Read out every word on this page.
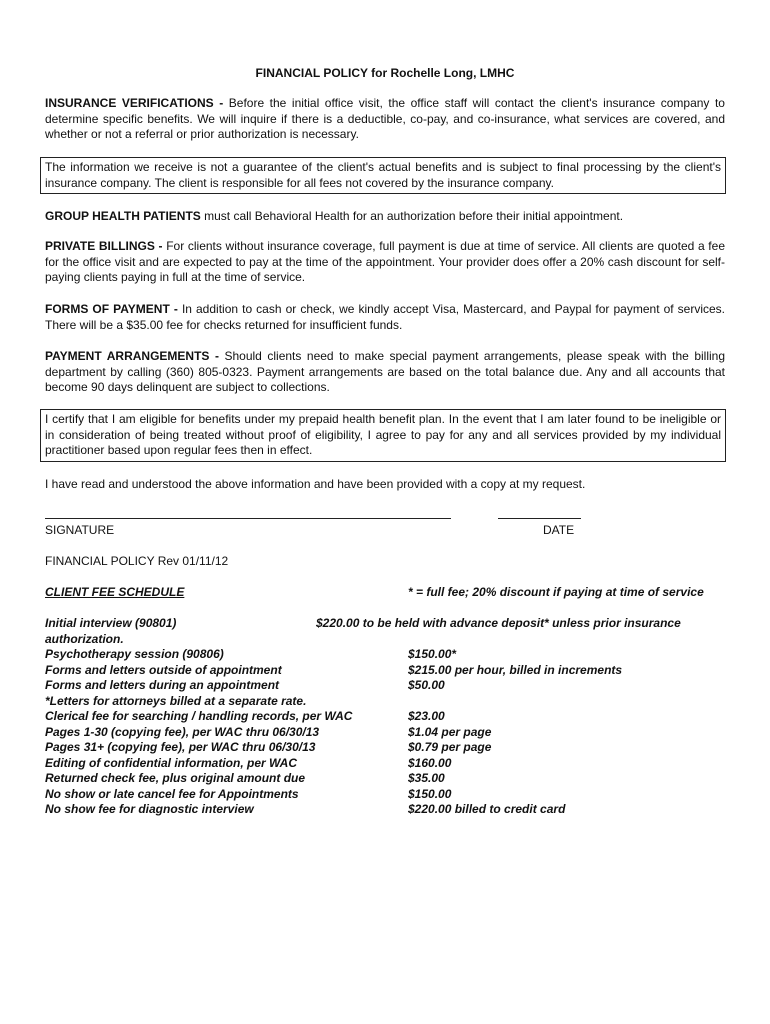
FINANCIAL POLICY for Rochelle Long, LMHC
INSURANCE VERIFICATIONS - Before the initial office visit, the office staff will contact the client's insurance company to determine specific benefits. We will inquire if there is a deductible, co-pay, and co-insurance, what services are covered, and whether or not a referral or prior authorization is necessary.
The information we receive is not a guarantee of the client's actual benefits and is subject to final processing by the client's insurance company. The client is responsible for all fees not covered by the insurance company.
GROUP HEALTH PATIENTS must call Behavioral Health for an authorization before their initial appointment.
PRIVATE BILLINGS - For clients without insurance coverage, full payment is due at time of service. All clients are quoted a fee for the office visit and are expected to pay at the time of the appointment. Your provider does offer a 20% cash discount for self-paying clients paying in full at the time of service.
FORMS OF PAYMENT - In addition to cash or check, we kindly accept Visa, Mastercard, and Paypal for payment of services. There will be a $35.00 fee for checks returned for insufficient funds.
PAYMENT ARRANGEMENTS - Should clients need to make special payment arrangements, please speak with the billing department by calling (360) 805-0323. Payment arrangements are based on the total balance due. Any and all accounts that become 90 days delinquent are subject to collections.
I certify that I am eligible for benefits under my prepaid health benefit plan. In the event that I am later found to be ineligible or in consideration of being treated without proof of eligibility, I agree to pay for any and all services provided by my individual practitioner based upon regular fees then in effect.
I have read and understood the above information and have been provided with a copy at my request.
SIGNATURE	DATE
FINANCIAL POLICY Rev 01/11/12
CLIENT FEE SCHEDULE	* = full fee; 20% discount if paying at time of service
Initial interview (90801)	$220.00 to be held with advance deposit* unless prior insurance
authorization.
Psychotherapy session (90806)	$150.00*
Forms and letters outside of appointment	$215.00 per hour, billed in increments
Forms and letters during an appointment	$50.00
*Letters for attorneys billed at a separate rate.
Clerical fee for searching / handling records, per WAC	$23.00
Pages 1-30 (copying fee), per WAC thru 06/30/13	$1.04 per page
Pages 31+ (copying fee), per WAC thru 06/30/13	$0.79 per page
Editing of confidential information, per WAC	$160.00
Returned check fee, plus original amount due	$35.00
No show or late cancel fee for Appointments	$150.00
No show fee for diagnostic interview	$220.00 billed to credit card
